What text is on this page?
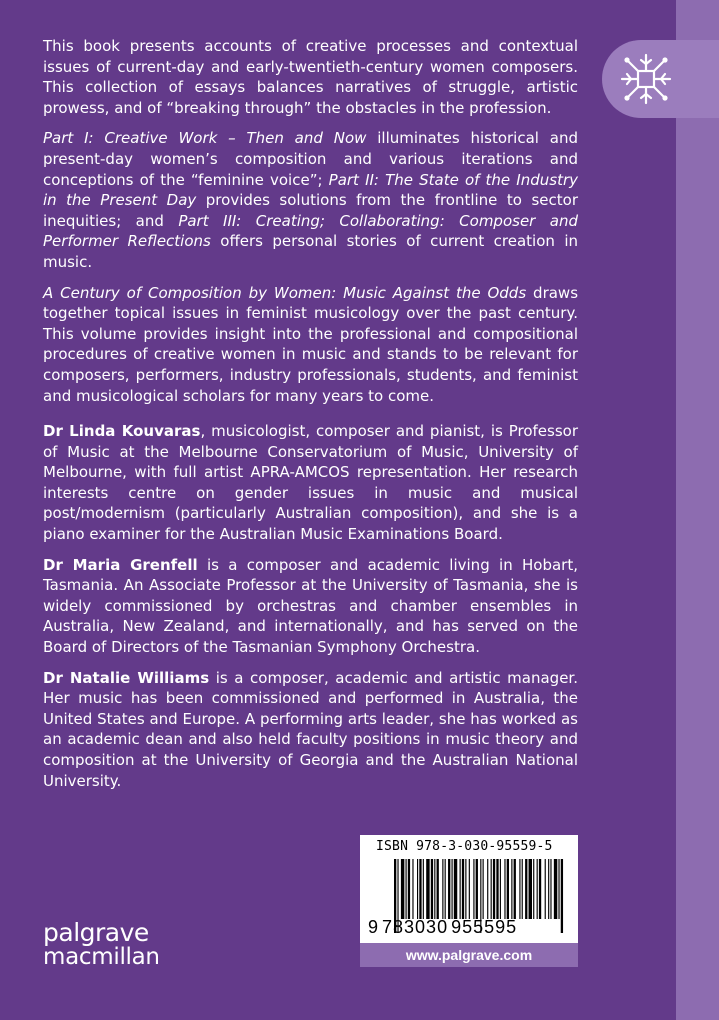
This book presents accounts of creative processes and contextual issues of current-day and early-twentieth-century women composers. This collection of essays balances narratives of struggle, artistic prowess, and of “breaking through” the obstacles in the profession.

Part I: Creative Work – Then and Now illuminates historical and present-day women’s composition and various iterations and conceptions of the “feminine voice”; Part II: The State of the Industry in the Present Day provides solutions from the frontline to sector inequities; and Part III: Creating; Collaborating: Composer and Performer Reflections offers personal stories of current creation in music.

A Century of Composition by Women: Music Against the Odds draws together topical issues in feminist musicology over the past century. This volume provides insight into the professional and compositional procedures of creative women in music and stands to be relevant for composers, performers, industry professionals, students, and feminist and musicological scholars for many years to come.

Dr Linda Kouvaras, musicologist, composer and pianist, is Professor of Music at the Melbourne Conservatorium of Music, University of Melbourne, with full artist APRA-AMCOS representation. Her research interests centre on gender issues in music and musical post/modernism (particularly Australian composition), and she is a piano examiner for the Australian Music Examinations Board.

Dr Maria Grenfell is a composer and academic living in Hobart, Tasmania. An Associate Professor at the University of Tasmania, she is widely commissioned by orchestras and chamber ensembles in Australia, New Zealand, and internationally, and has served on the Board of Directors of the Tasmanian Symphony Orchestra.

Dr Natalie Williams is a composer, academic and artistic manager. Her music has been commissioned and performed in Australia, the United States and Europe. A performing arts leader, she has worked as an academic dean and also held faculty positions in music theory and composition at the University of Georgia and the Australian National University.

palgrave
macmillan
ISBN 978-3-030-95559-5
9 783030 955595
www.palgrave.com
